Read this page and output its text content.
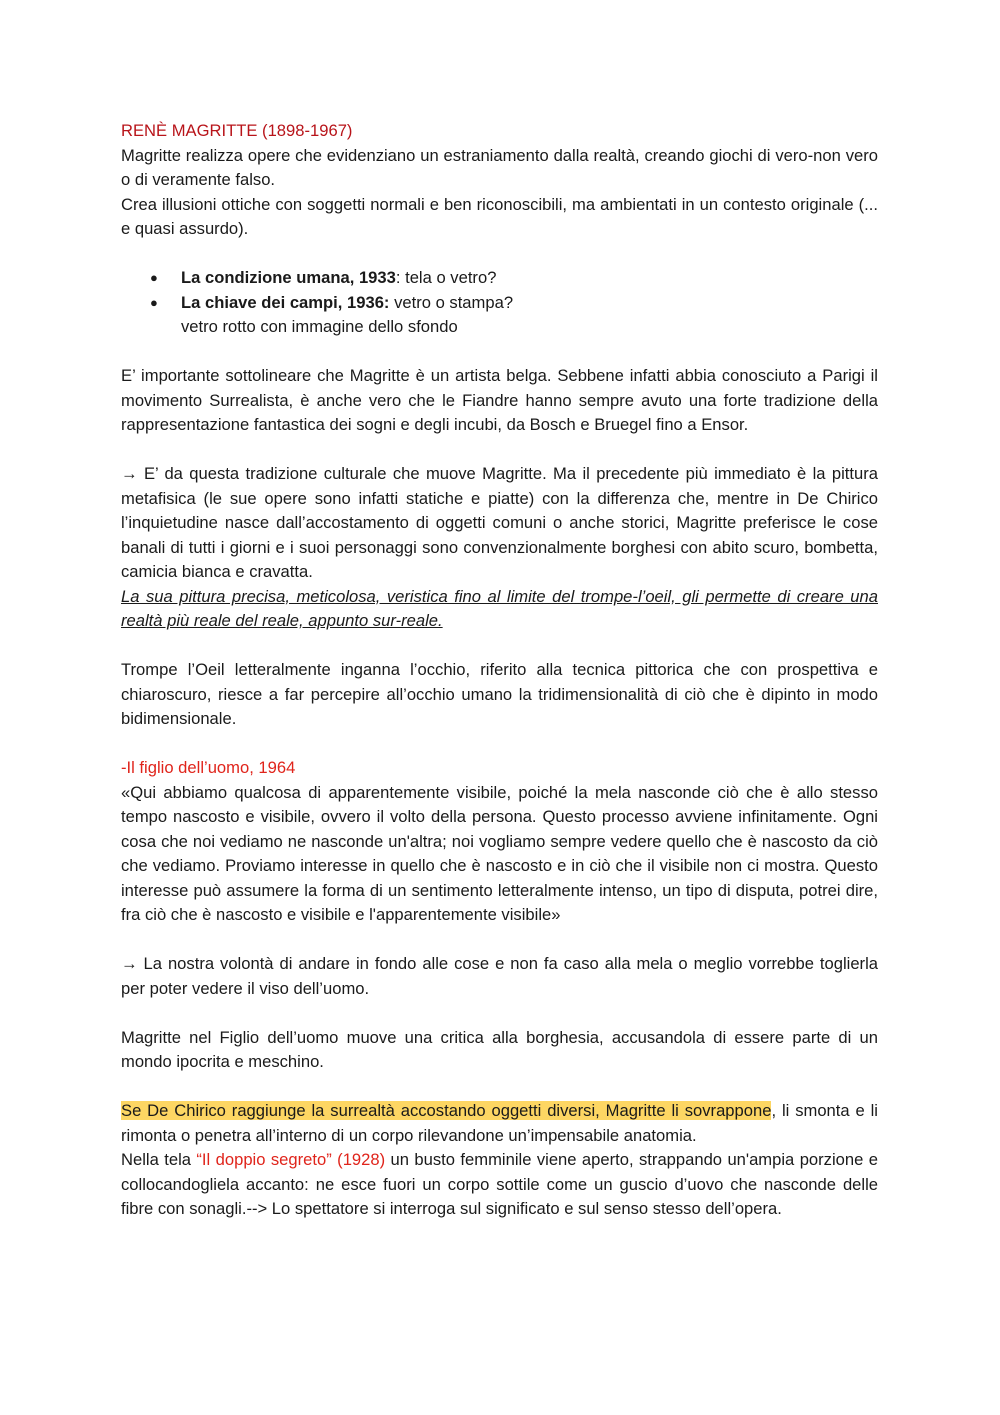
RENÈ MAGRITTE (1898-1967)

Magritte realizza opere che evidenziano un estraniamento dalla realtà, creando giochi di vero-non vero o di veramente falso.

Crea illusioni ottiche con soggetti normali e ben riconoscibili, ma ambientati in un contesto originale (... e quasi assurdo).

● La condizione umana, 1933: tela o vetro?
● La chiave dei campi, 1936: vetro o stampa?

vetro rotto con immagine dello sfondo

E’ importante sottolineare che Magritte è un artista belga. Sebbene infatti abbia conosciuto a Parigi il movimento Surrealista, è anche vero che le Fiandre hanno sempre avuto una forte tradizione della rappresentazione fantastica dei sogni e degli incubi, da Bosch e Bruegel fino a Ensor.

→ E’ da questa tradizione culturale che muove Magritte. Ma il precedente più immediato è la pittura metafisica (le sue opere sono infatti statiche e piatte) con la differenza che, mentre in De Chirico l’inquietudine nasce dall’accostamento di oggetti comuni o anche storici, Magritte preferisce le cose banali di tutti i giorni e i suoi personaggi sono convenzionalmente borghesi con abito scuro, bombetta, camicia bianca e cravatta.

La sua pittura precisa, meticolosa, veristica fino al limite del trompe-l’oeil, gli permette di creare una realtà più reale del reale, appunto sur-reale.

Trompe l’Oeil letteralmente inganna l’occhio, riferito alla tecnica pittorica che con prospettiva e chiaroscuro, riesce a far percepire all’occhio umano la tridimensionalità di ciò che è dipinto in modo bidimensionale.

-Il figlio dell’uomo, 1964

«Qui abbiamo qualcosa di apparentemente visibile, poiché la mela nasconde ciò che è allo stesso tempo nascosto e visibile, ovvero il volto della persona. Questo processo avviene infinitamente. Ogni cosa che noi vediamo ne nasconde un'altra; noi vogliamo sempre vedere quello che è nascosto da ciò che vediamo. Proviamo interesse in quello che è nascosto e in ciò che il visibile non ci mostra. Questo interesse può assumere la forma di un sentimento letteralmente intenso, un tipo di disputa, potrei dire, fra ciò che è nascosto e visibile e l'apparentemente visibile»

→ La nostra volontà di andare in fondo alle cose e non fa caso alla mela o meglio vorrebbe toglierla per poter vedere il viso dell’uomo.

Magritte nel Figlio dell’uomo muove una critica alla borghesia, accusandola di essere parte di un mondo ipocrita e meschino.

Se De Chirico raggiunge la surrealtà accostando oggetti diversi, Magritte li sovrappone, li smonta e li rimonta o penetra all’interno di un corpo rilevandone un’impensabile anatomia.

Nella tela “Il doppio segreto” (1928) un busto femminile viene aperto, strappando un'ampia porzione e collocandogliela accanto: ne esce fuori un corpo sottile come un guscio d’uovo che nasconde delle fibre con sonagli.--> Lo spettatore si interroga sul significato e sul senso stesso dell’opera.
